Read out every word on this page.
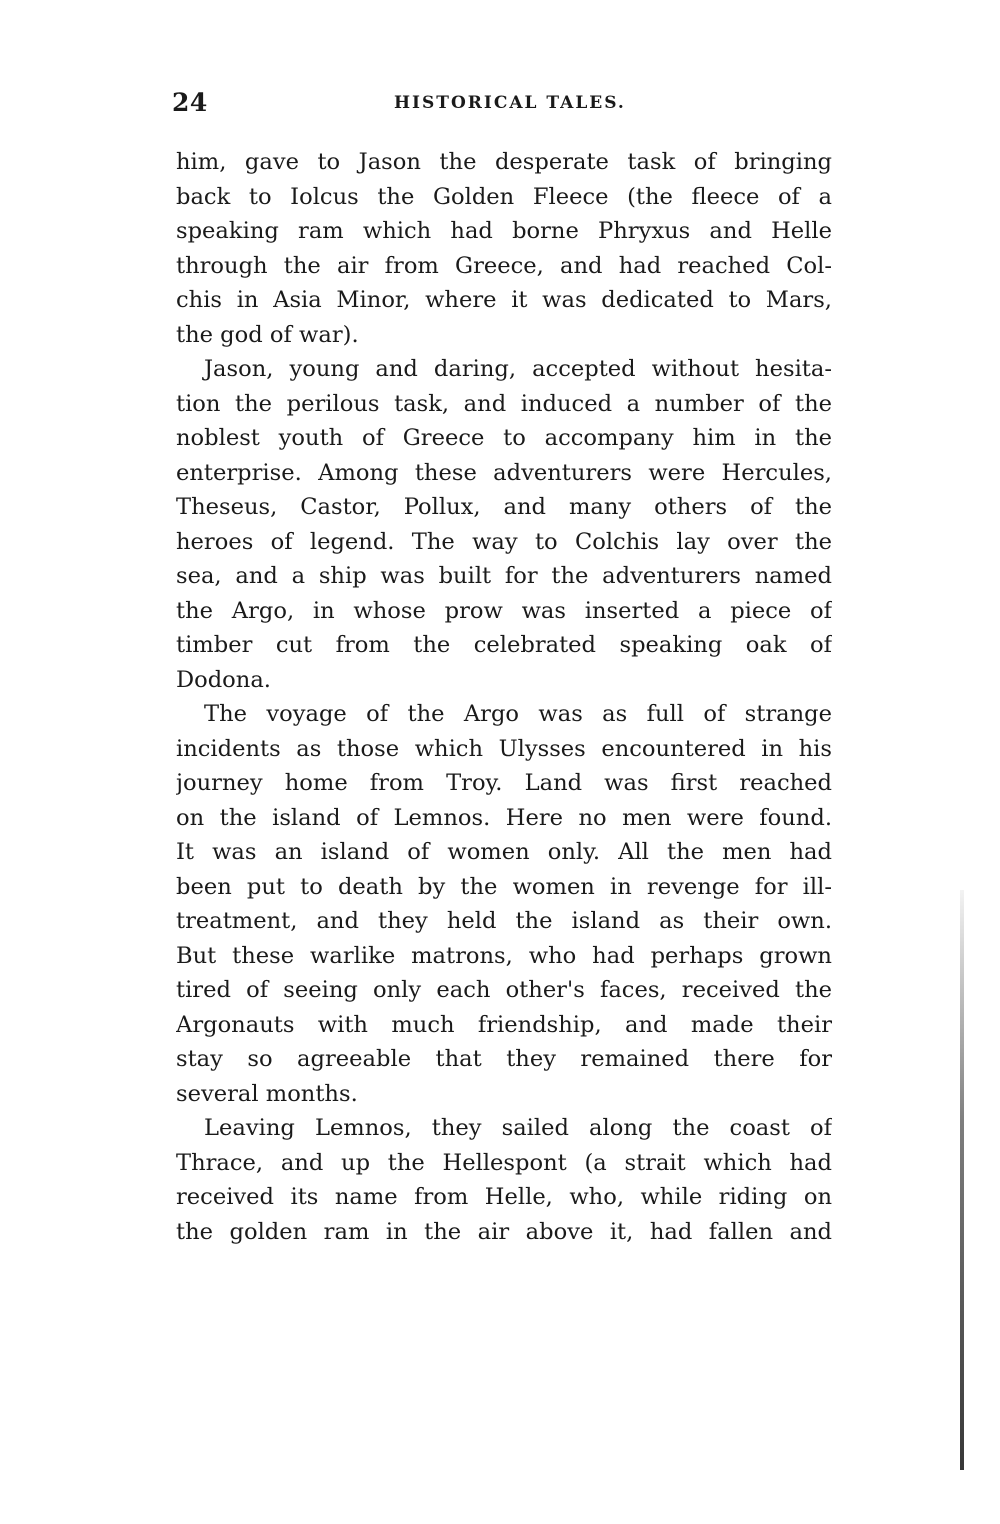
24	HISTORICAL TALES.
him, gave to Jason the desperate task of bringing
back to Iolcus the Golden Fleece (the fleece of a
speaking ram which had borne Phryxus and Helle
through the air from Greece, and had reached Col-
chis in Asia Minor, where it was dedicated to Mars,
the god of war).
Jason, young and daring, accepted without hesita-
tion the perilous task, and induced a number of the
noblest youth of Greece to accompany him in the
enterprise. Among these adventurers were Hercules,
Theseus, Castor, Pollux, and many others of the
heroes of legend. The way to Colchis lay over the
sea, and a ship was built for the adventurers named
the Argo, in whose prow was inserted a piece of
timber cut from the celebrated speaking oak of
Dodona.
The voyage of the Argo was as full of strange
incidents as those which Ulysses encountered in his
journey home from Troy. Land was first reached
on the island of Lemnos. Here no men were found.
It was an island of women only. All the men had
been put to death by the women in revenge for ill-
treatment, and they held the island as their own.
But these warlike matrons, who had perhaps grown
tired of seeing only each other's faces, received the
Argonauts with much friendship, and made their
stay so agreeable that they remained there for
several months.
Leaving Lemnos, they sailed along the coast of
Thrace, and up the Hellespont (a strait which had
received its name from Helle, who, while riding on
the golden ram in the air above it, had fallen and
